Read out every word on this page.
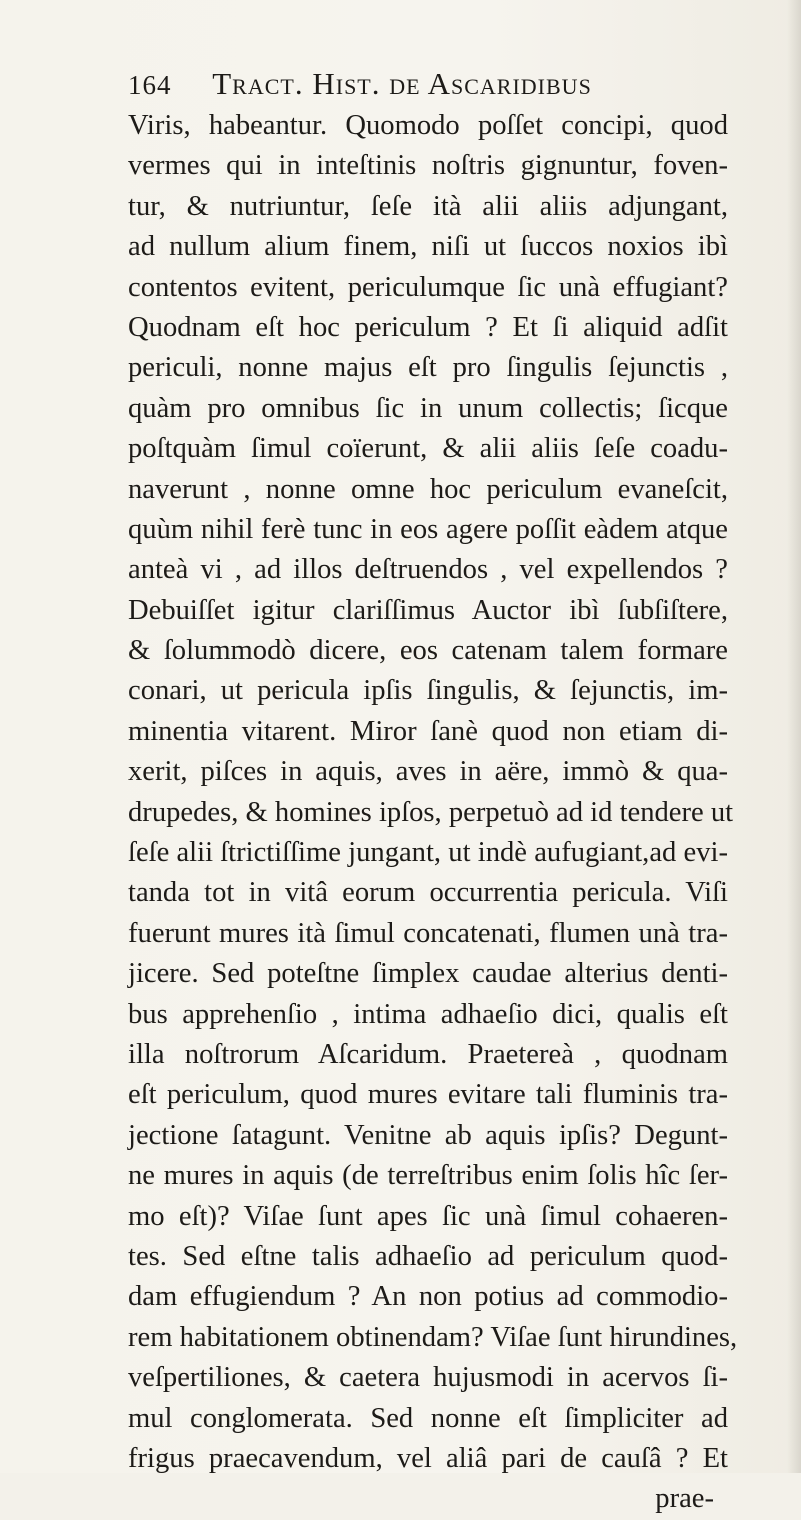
164 Tract. Hist. de Ascaridibus
Viris, habeantur. Quomodo poſſet concipi, quod
vermes qui in inteſtinis noſtris gignuntur, foven-
tur, & nutriuntur, ſeſe ità alii aliis adjungant,
ad nullum alium finem, niſi ut ſuccos noxios ibì
contentos evitent, periculumque ſic unà effugiant?
Quodnam eſt hoc periculum ? Et ſi aliquid adſit
periculi, nonne majus eſt pro ſingulis ſejunctis ,
quàm pro omnibus ſic in unum collectis; ſicque
poſtquàm ſimul coïerunt, & alii aliis ſeſe coadu-
naverunt , nonne omne hoc periculum evaneſcit,
quùm nihil ferè tunc in eos agere poſſit eàdem atque
anteà vi , ad illos deſtruendos , vel expellendos ?
Debuiſſet igitur clariſſimus Auctor ibì ſubſiſtere,
& ſolummodò dicere, eos catenam talem formare
conari, ut pericula ipſis ſingulis, & ſejunctis, im-
minentia vitarent. Miror ſanè quod non etiam di-
xerit, piſces in aquis, aves in aëre, immò & qua-
drupedes, & homines ipſos, perpetuò ad id tendere ut
ſeſe alii ſtrictiſſime jungant, ut indè aufugiant,ad evi-
tanda tot in vitâ eorum occurrentia pericula. Viſi
fuerunt mures ità ſimul concatenati, flumen unà tra-
jicere. Sed poteſtne ſimplex caudae alterius denti-
bus apprehenſio , intima adhaeſio dici, qualis eſt
illa noſtrorum Aſcaridum. Praetereà , quodnam
eſt periculum, quod mures evitare tali fluminis tra-
jectione ſatagunt. Venitne ab aquis ipſis? Degunt-
ne mures in aquis (de terreſtribus enim ſolis hîc ſer-
mo eſt)? Viſae ſunt apes ſic unà ſimul cohaeren-
tes. Sed eſtne talis adhaeſio ad periculum quod-
dam effugiendum ? An non potius ad commodio-
rem habitationem obtinendam? Viſae ſunt hirundines,
veſpertiliones, & caetera hujusmodi in acervos ſi-
mul conglomerata. Sed nonne eſt ſimpliciter ad
frigus praecavendum, vel aliâ pari de cauſâ ? Et
prae-
